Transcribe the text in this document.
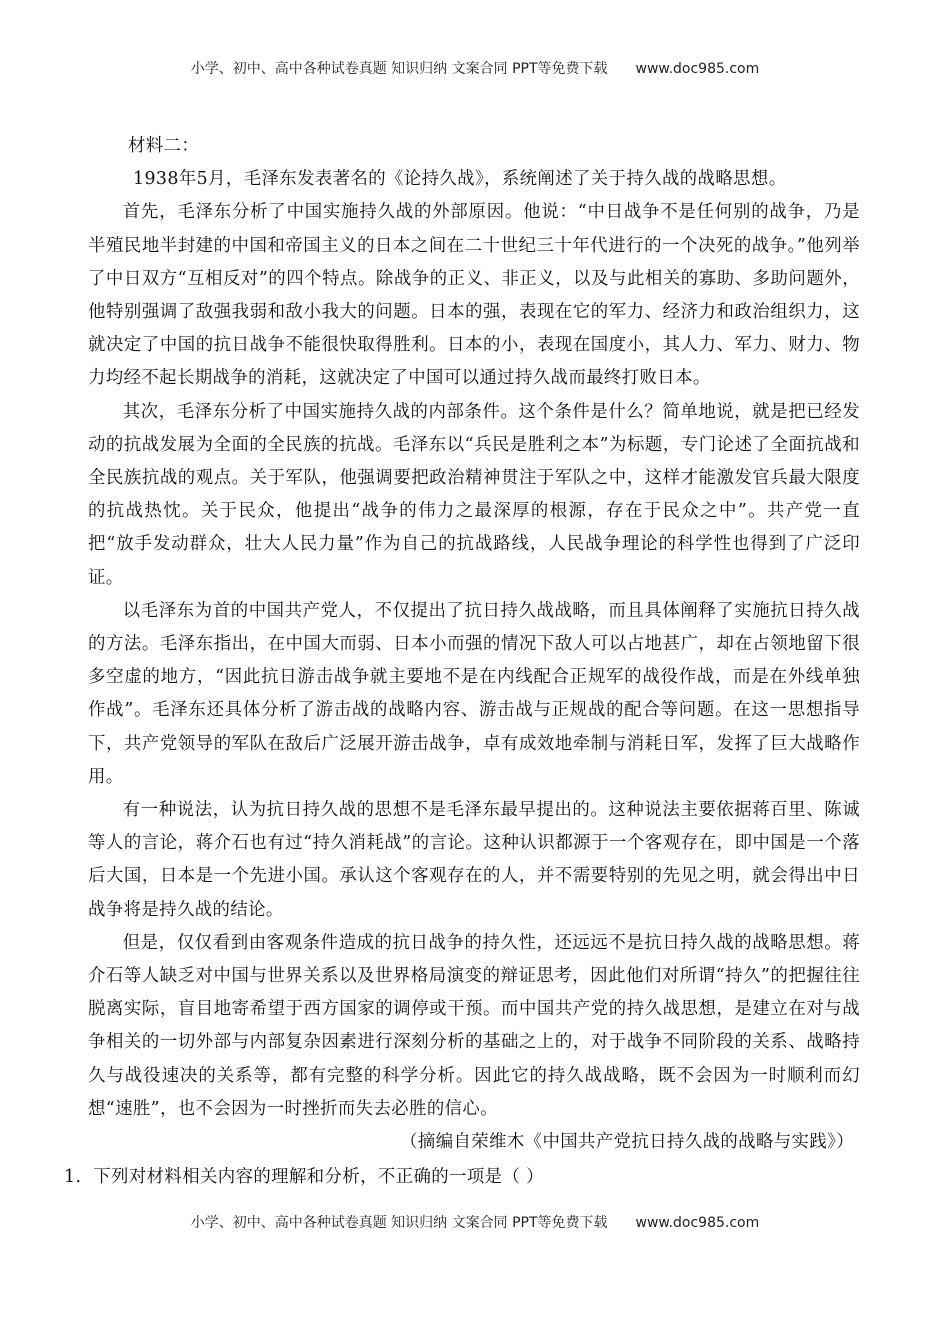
小学、初中、高中各种试卷真题 知识归纳 文案合同 PPT等免费下载 www.doc985.com

材料二：

1938年5月，毛泽东发表著名的《论持久战》，系统阐述了关于持久战的战略思想。

首先，毛泽东分析了中国实施持久战的外部原因。他说：“中日战争不是任何别的战争，乃是半殖民地半封建的中国和帝国主义的日本之间在二十世纪三十年代进行的一个决死的战争。”他列举了中日双方“互相反对”的四个特点。除战争的正义、非正义，以及与此相关的寡助、多助问题外，他特别强调了敌强我弱和敌小我大的问题。日本的强，表现在它的军力、经济力和政治组织力，这就决定了中国的抗日战争不能很快取得胜利。日本的小，表现在国度小，其人力、军力、财力、物力均经不起长期战争的消耗，这就决定了中国可以通过持久战而最终打败日本。

其次，毛泽东分析了中国实施持久战的内部条件。这个条件是什么？简单地说，就是把已经发动的抗战发展为全面的全民族的抗战。毛泽东以“兵民是胜利之本”为标题，专门论述了全面抗战和全民族抗战的观点。关于军队，他强调要把政治精神贯注于军队之中，这样才能激发官兵最大限度的抗战热忱。关于民众，他提出“战争的伟力之最深厚的根源，存在于民众之中”。共产党一直把“放手发动群众，壮大人民力量”作为自己的抗战路线，人民战争理论的科学性也得到了广泛印证。

以毛泽东为首的中国共产党人，不仅提出了抗日持久战战略，而且具体阐释了实施抗日持久战的方法。毛泽东指出，在中国大而弱、日本小而强的情况下敌人可以占地甚广，却在占领地留下很多空虚的地方，“因此抗日游击战争就主要地不是在内线配合正规军的战役作战，而是在外线单独作战”。毛泽东还具体分析了游击战的战略内容、游击战与正规战的配合等问题。在这一思想指导下，共产党领导的军队在敌后广泛展开游击战争，卓有成效地牵制与消耗日军，发挥了巨大战略作用。

有一种说法，认为抗日持久战的思想不是毛泽东最早提出的。这种说法主要依据蒋百里、陈诚等人的言论，蒋介石也有过“持久消耗战”的言论。这种认识都源于一个客观存在，即中国是一个落后大国，日本是一个先进小国。承认这个客观存在的人，并不需要特别的先见之明，就会得出中日战争将是持久战的结论。

但是，仅仅看到由客观条件造成的抗日战争的持久性，还远远不是抗日持久战的战略思想。蒋介石等人缺乏对中国与世界关系以及世界格局演变的辩证思考，因此他们对所谓“持久”的把握往往脱离实际，盲目地寄希望于西方国家的调停或干预。而中国共产党的持久战思想，是建立在对与战争相关的一切外部与内部复杂因素进行深刻分析的基础之上的，对于战争不同阶段的关系、战略持久与战役速决的关系等，都有完整的科学分析。因此它的持久战战略，既不会因为一时顺利而幻想“速胜”，也不会因为一时挫折而失去必胜的信心。

（摘编自荣维木《中国共产党抗日持久战的战略与实践》）

1．下列对材料相关内容的理解和分析，不正确的一项是（ ）

小学、初中、高中各种试卷真题 知识归纳 文案合同 PPT等免费下载 www.doc985.com
